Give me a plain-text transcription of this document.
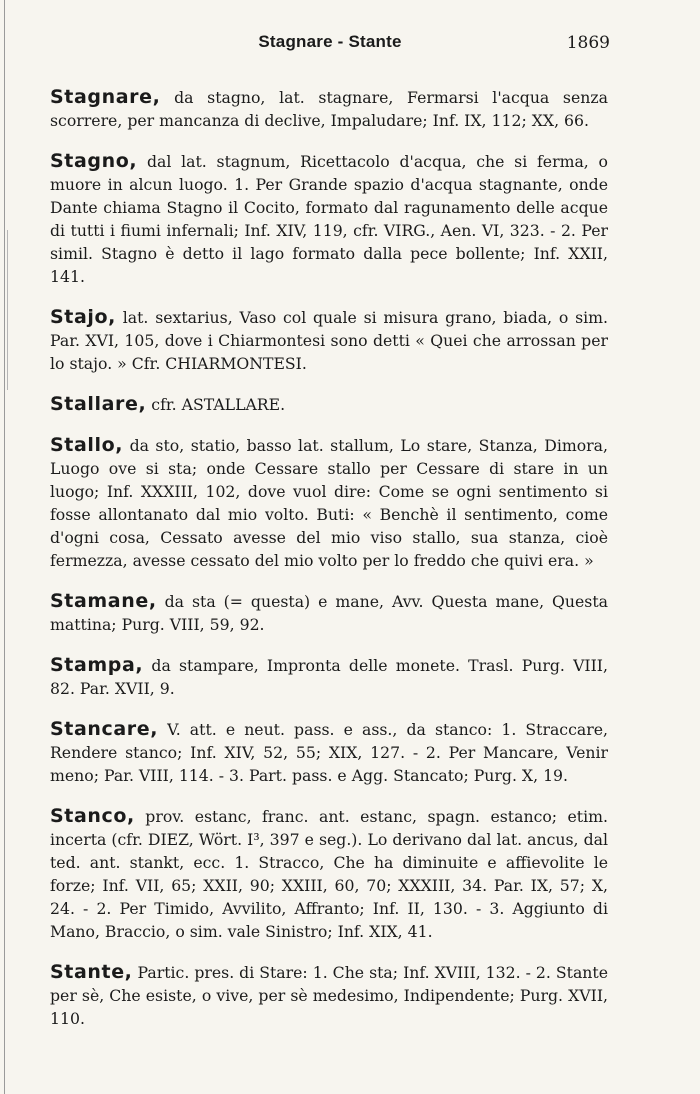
Stagnare - Stante	1869

Stagnare, da stagno, lat. stagnare, Fermarsi l'acqua senza scorrere, per mancanza di declive, Impaludare; Inf. IX, 112; XX, 66.

Stagno, dal lat. stagnum, Ricettacolo d'acqua, che si ferma, o muore in alcun luogo. 1. Per Grande spazio d'acqua stagnante, onde Dante chiama Stagno il Cocito, formato dal ragunamento delle acque di tutti i fiumi infernali; Inf. XIV, 119, cfr. VIRG., Aen. VI, 323. - 2. Per simil. Stagno è detto il lago formato dalla pece bollente; Inf. XXII, 141.

Stajo, lat. sextarius, Vaso col quale si misura grano, biada, o sim. Par. XVI, 105, dove i Chiarmontesi sono detti « Quei che arrossan per lo stajo. » Cfr. CHIARMONTESI.

Stallare, cfr. ASTALLARE.

Stallo, da sto, statio, basso lat. stallum, Lo stare, Stanza, Dimora, Luogo ove si sta; onde Cessare stallo per Cessare di stare in un luogo; Inf. XXXIII, 102, dove vuol dire: Come se ogni sentimento si fosse allontanato dal mio volto. Buti: « Benchè il sentimento, come d'ogni cosa, Cessato avesse del mio viso stallo, sua stanza, cioè fermezza, avesse cessato del mio volto per lo freddo che quivi era. »

Stamane, da sta (= questa) e mane, Avv. Questa mane, Questa mattina; Purg. VIII, 59, 92.

Stampa, da stampare, Impronta delle monete. Trasl. Purg. VIII, 82. Par. XVII, 9.

Stancare, V. att. e neut. pass. e ass., da stanco: 1. Straccare, Rendere stanco; Inf. XIV, 52, 55; XIX, 127. - 2. Per Mancare, Venir meno; Par. VIII, 114. - 3. Part. pass. e Agg. Stancato; Purg. X, 19.

Stanco, prov. estanc, franc. ant. estanc, spagn. estanco; etim. incerta (cfr. DIEZ, Wört. I³, 397 e seg.). Lo derivano dal lat. ancus, dal ted. ant. stankt, ecc. 1. Stracco, Che ha diminuite e affievolite le forze; Inf. VII, 65; XXII, 90; XXIII, 60, 70; XXXIII, 34. Par. IX, 57; X, 24. - 2. Per Timido, Avvilito, Affranto; Inf. II, 130. - 3. Aggiunto di Mano, Braccio, o sim. vale Sinistro; Inf. XIX, 41.

Stante, Partic. pres. di Stare: 1. Che sta; Inf. XVIII, 132. - 2. Stante per sè, Che esiste, o vive, per sè medesimo, Indipendente; Purg. XVII, 110.
